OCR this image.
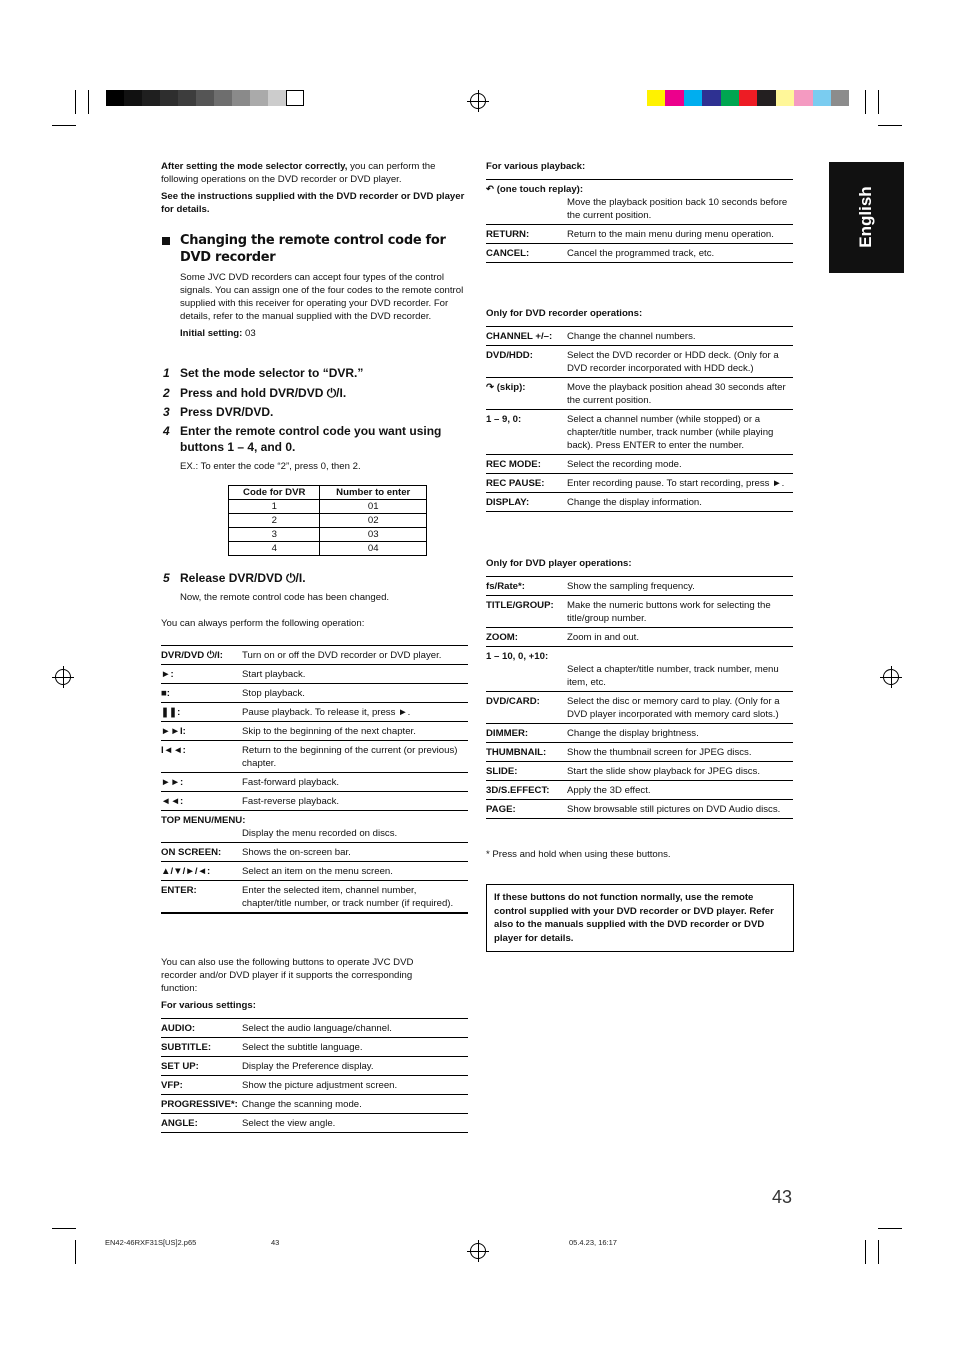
English
After setting the mode selector correctly, you can perform the following operations on the DVD recorder or DVD player.
See the instructions supplied with the DVD recorder or DVD player for details.
Changing the remote control code for DVD recorder
Some JVC DVD recorders can accept four types of the control signals. You can assign one of the four codes to the remote control supplied with this receiver for operating your DVD recorder. For details, refer to the manual supplied with the DVD recorder.
Initial setting: 03
1 Set the mode selector to “DVR.”
2 Press and hold DVR/DVD ⏻/I.
3 Press DVR/DVD.
4 Enter the remote control code you want using buttons 1 – 4, and 0.
EX.: To enter the code “2”, press 0, then 2.
Code for DVR	Number to enter
1	01
2	02
3	03
4	04
5 Release DVR/DVD ⏻/I.
Now, the remote control code has been changed.
You can always perform the following operation:
DVR/DVD ⏻/I:	Turn on or off the DVD recorder or DVD player.
►:	Start playback.
■:	Stop playback.
❚❚:	Pause playback. To release it, press ►.
►►I:	Skip to the beginning of the next chapter.
I◄◄:	Return to the beginning of the current (or previous) chapter.
►►:	Fast-forward playback.
◄◄:	Fast-reverse playback.
TOP MENU/MENU:
Display the menu recorded on discs.
ON SCREEN:	Shows the on-screen bar.
▲/▼/►/◄:	Select an item on the menu screen.
ENTER:	Enter the selected item, channel number, chapter/title number, or track number (if required).
You can also use the following buttons to operate JVC DVD recorder and/or DVD player if it supports the corresponding function:
For various settings:
AUDIO:	Select the audio language/channel.
SUBTITLE:	Select the subtitle language.
SET UP:	Display the Preference display.
VFP:	Show the picture adjustment screen.
PROGRESSIVE*: Change the scanning mode.
ANGLE:	Select the view angle.
For various playback:
↶ (one touch replay):
Move the playback position back 10 seconds before the current position.
RETURN:	Return to the main menu during menu operation.
CANCEL:	Cancel the programmed track, etc.
Only for DVD recorder operations:
CHANNEL +/–:	Change the channel numbers.
DVD/HDD:	Select the DVD recorder or HDD deck. (Only for a DVD recorder incorporated with HDD deck.)
↷ (skip):	Move the playback position ahead 30 seconds after the current position.
1 – 9, 0:	Select a channel number (while stopped) or a chapter/title number, track number (while playing back). Press ENTER to enter the number.
REC MODE:	Select the recording mode.
REC PAUSE:	Enter recording pause. To start recording, press ►.
DISPLAY:	Change the display information.
Only for DVD player operations:
fs/Rate*:	Show the sampling frequency.
TITLE/GROUP:	Make the numeric buttons work for selecting the title/group number.
ZOOM:	Zoom in and out.
1 – 10, 0, +10:
Select a chapter/title number, track number, menu item, etc.
DVD/CARD:	Select the disc or memory card to play. (Only for a DVD player incorporated with memory card slots.)
DIMMER:	Change the display brightness.
THUMBNAIL:	Show the thumbnail screen for JPEG discs.
SLIDE:	Start the slide show playback for JPEG discs.
3D/S.EFFECT:	Apply the 3D effect.
PAGE:	Show browsable still pictures on DVD Audio discs.
* Press and hold when using these buttons.
If these buttons do not function normally, use the remote control supplied with your DVD recorder or DVD player. Refer also to the manuals supplied with the DVD recorder or DVD player for details.
43
EN42-46RXF31S[US]2.p65	43	05.4.23, 16:17
